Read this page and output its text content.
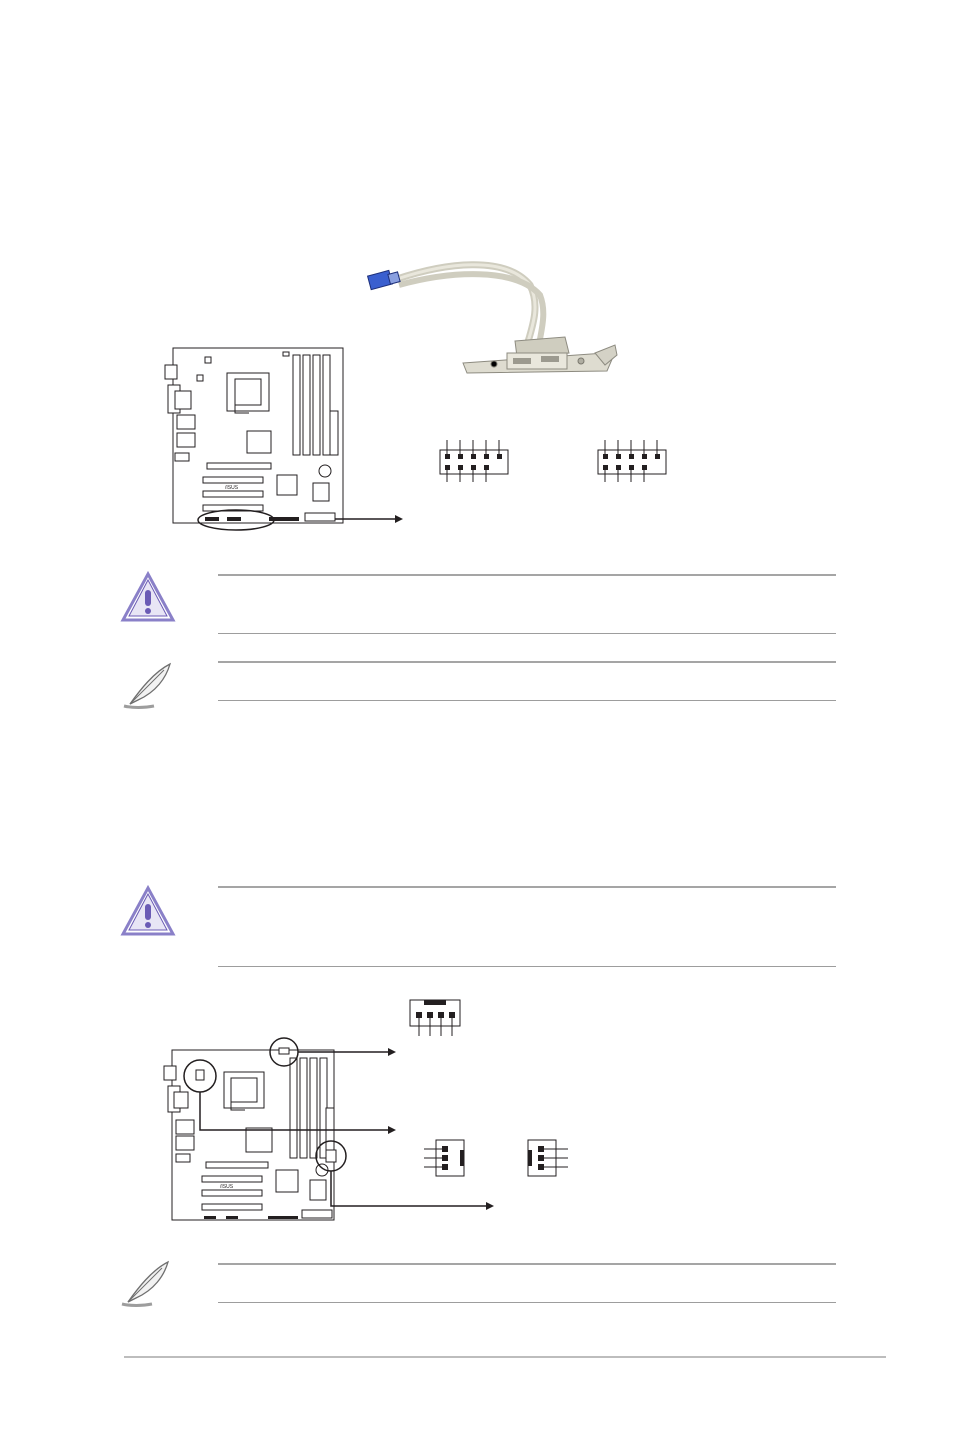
/ISUS
/ISUS
